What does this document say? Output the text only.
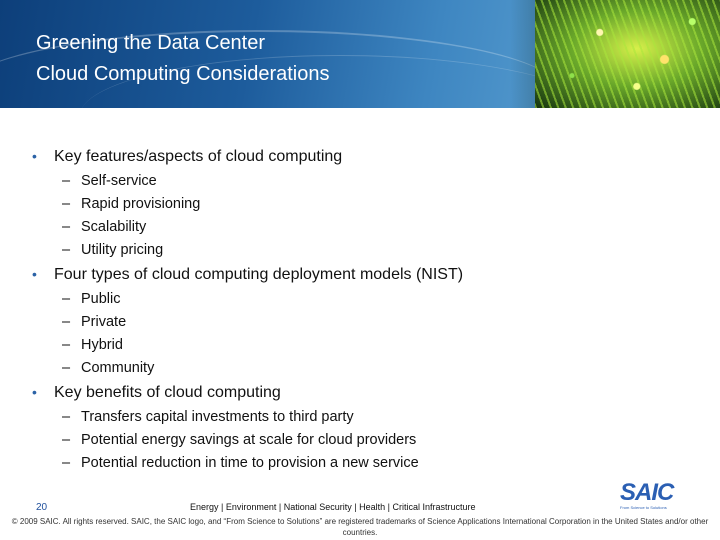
Greening the Data Center
Cloud Computing Considerations
• Key features/aspects of cloud computing
– Self-service
– Rapid provisioning
– Scalability
– Utility pricing
• Four types of cloud computing deployment models (NIST)
– Public
– Private
– Hybrid
– Community
• Key benefits of cloud computing
– Transfers capital investments to third party
– Potential energy savings at scale for cloud providers
– Potential reduction in time to provision a new service
20	Energy | Environment | National Security | Health | Critical Infrastructure
SAIC
From Science to Solutions
© 2009 SAIC. All rights reserved. SAIC, the SAIC logo, and “From Science to Solutions” are registered trademarks of Science Applications International Corporation in the United States and/or other countries.
